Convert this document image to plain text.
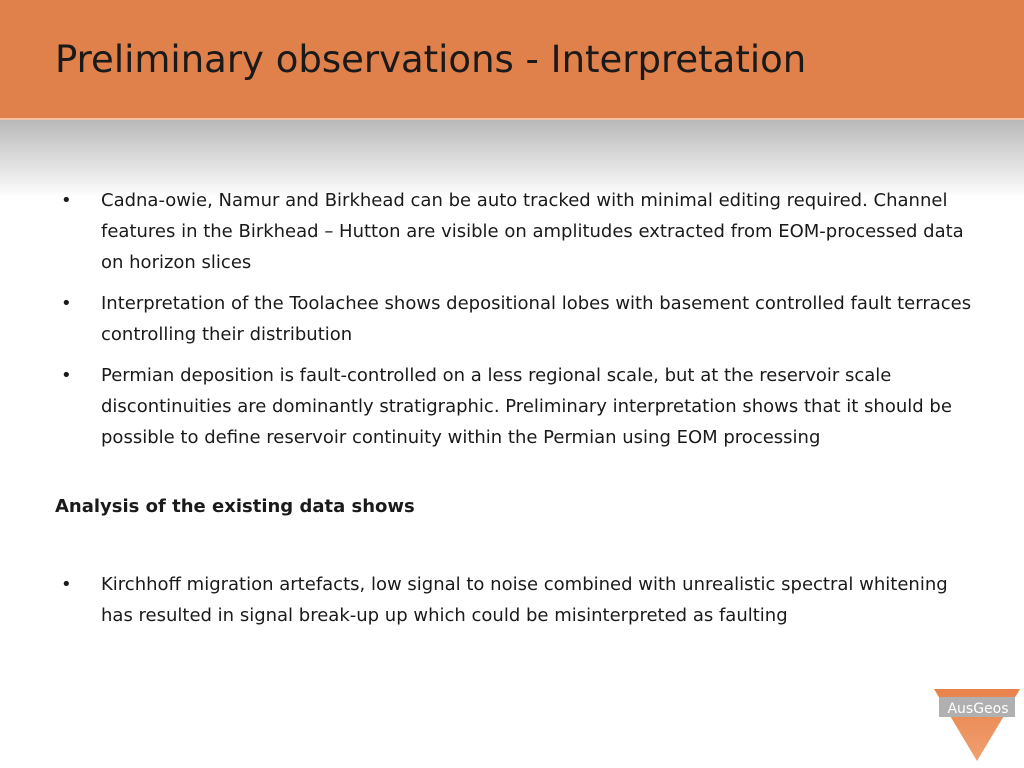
Preliminary observations - Interpretation
• Cadna-owie, Namur and Birkhead can be auto tracked with minimal editing required. Channel features in the Birkhead – Hutton are visible on amplitudes extracted from EOM-processed data on horizon slices
• Interpretation of the Toolachee shows depositional lobes with basement controlled fault terraces controlling their distribution
• Permian deposition is fault-controlled on a less regional scale, but at the reservoir scale discontinuities are dominantly stratigraphic. Preliminary interpretation shows that it should be possible to define reservoir continuity within the Permian using EOM processing
Analysis of the existing data shows
• Kirchhoff migration artefacts, low signal to noise combined with unrealistic spectral whitening has resulted in signal break-up up which could be misinterpreted as faulting
AusGeos
